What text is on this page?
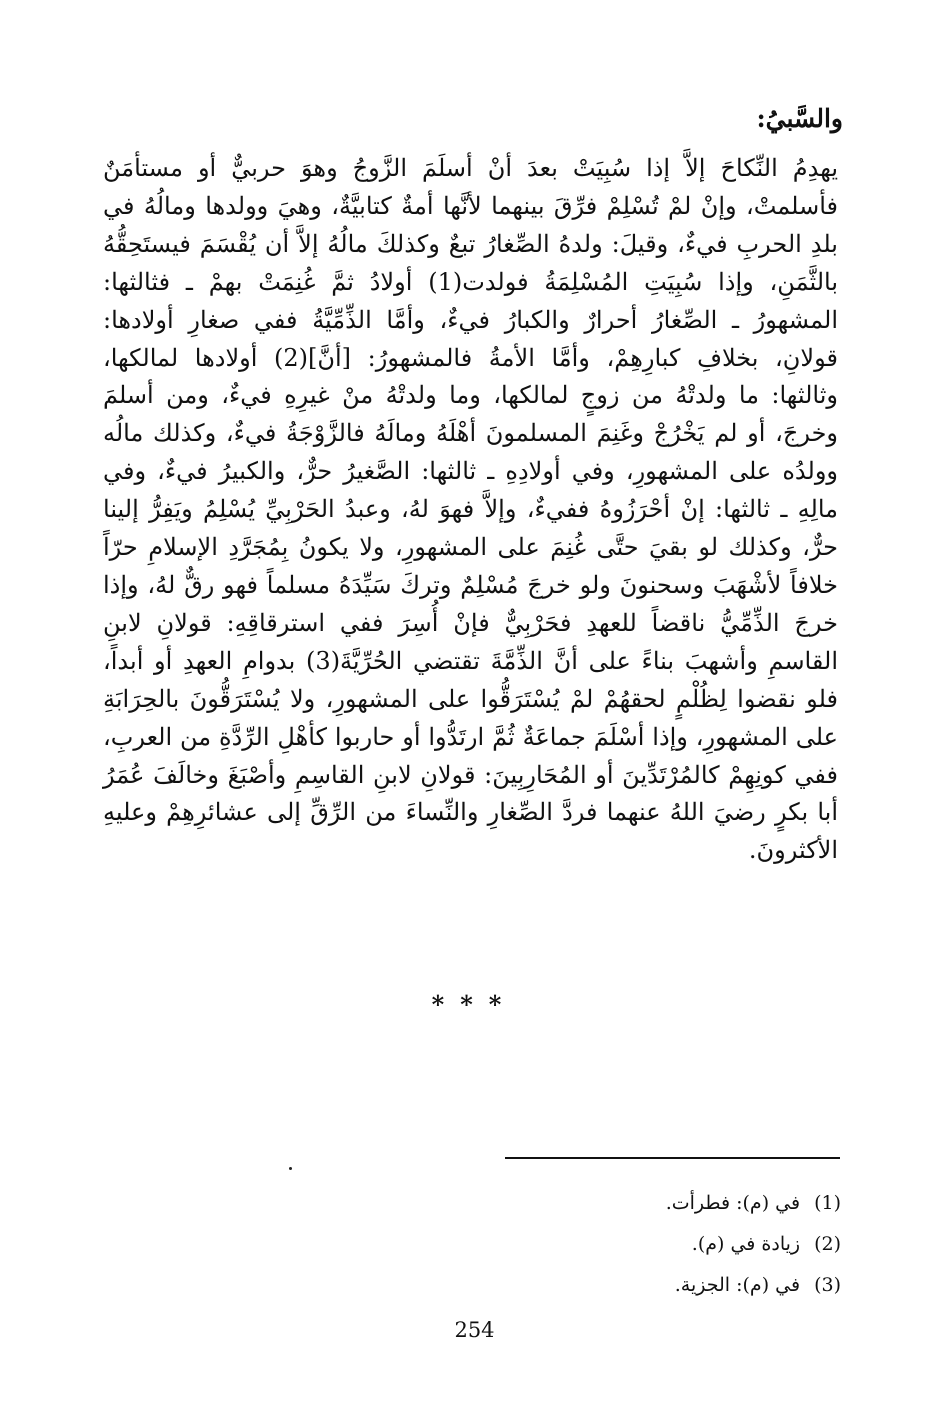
والسَّبيُ:

يهدِمُ النِّكاحَ إلاَّ إذا سُبِيَتْ بعدَ أنْ أسلَمَ الزَّوجُ وهوَ حربيٌّ أو مستأمَنٌ فأسلمتْ، وإنْ لمْ تُسْلِمْ فرِّقَ بينهما لأنَّها أمةٌ كتابيَّةٌ، وهيَ وولدها ومالُهُ في بلدِ الحربِ فيءٌ، وقيلَ: ولدهُ الصِّغارُ تبعٌ وكذلكَ مالُهُ إلاَّ أن يُقْسَمَ فيستَحِقُّهُ بالثَّمَنِ، وإذا سُبِيَتِ المُسْلِمَةُ فولدت(1) أولادُ ثمَّ غُنِمَتْ بهمْ ـ فثالثها: المشهورُ ـ الصِّغارُ أحرارٌ والكبارُ فيءٌ، وأمَّا الذِّمِّيَّةُ ففي صغارِ أولادها: قولانِ، بخلافِ كبارِهِمْ، وأمَّا الأمةُ فالمشهورُ: [أنَّ](2) أولادها لمالكها، وثالثها: ما ولدتْهُ من زوجٍ لمالكها، وما ولدتْهُ منْ غيرِهِ فيءٌ، ومن أسلمَ وخرجَ، أو لم يَخْرُجْ وغَنِمَ المسلمونَ أهْلَهُ ومالَهُ فالزَّوْجَةُ فيءٌ، وكذلك مالُه وولدُه على المشهورِ، وفي أولادِهِ ـ ثالثها: الصَّغيرُ حرٌّ، والكبيرُ فيءٌ، وفي مالِهِ ـ ثالثها: إنْ أحْرَزُوهُ ففيءٌ، وإلاَّ فهوَ لهُ، وعبدُ الحَرْبِيِّ يُسْلِمُ ويَفِرُّ إلينا حرٌّ، وكذلك لو بقيَ حتَّى غُنِمَ على المشهورِ، ولا يكونُ بِمُجَرَّدِ الإسلامِ حرّاً خلافاً لأشْهَبَ وسحنونَ ولو خرجَ مُسْلِمٌ وتركَ سَيِّدَهُ مسلماً فهو رقٌّ لهُ، وإذا خرجَ الذِّمِّيُّ ناقضاً للعهدِ فحَرْبِيٌّ فإنْ أُسِرَ ففي استرقاقِهِ: قولانِ لابنِ القاسمِ وأشهبَ بناءً على أنَّ الذِّمَّةَ تقتضي الحُرِّيَّةَ(3) بدوامِ العهدِ أو أبداً، فلو نقضوا لِظُلْمٍ لحقهُمْ لمْ يُسْتَرَقُّوا على المشهورِ، ولا يُسْتَرَقُّونَ بالحِرَابَةِ على المشهورِ، وإذا أسْلَمَ جماعَةٌ ثُمَّ ارتَدُّوا أو حاربوا كأهْلِ الرِّدَّةِ من العربِ، ففي كونِهِمْ كالمُرْتَدِّينَ أو المُحَارِبِينَ: قولانِ لابنِ القاسِمِ وأصْبَغَ وخالَفَ عُمَرُ أبا بكرٍ رضيَ اللهُ عنهما فردَّ الصِّغارِ والنِّساءَ من الرِّقِّ إلى عشائرِهِمْ وعليهِ الأكثرونَ.

***
(1)في (م): فطرأت.
(2)زيادة في (م).
(3)في (م): الجزية.
254
